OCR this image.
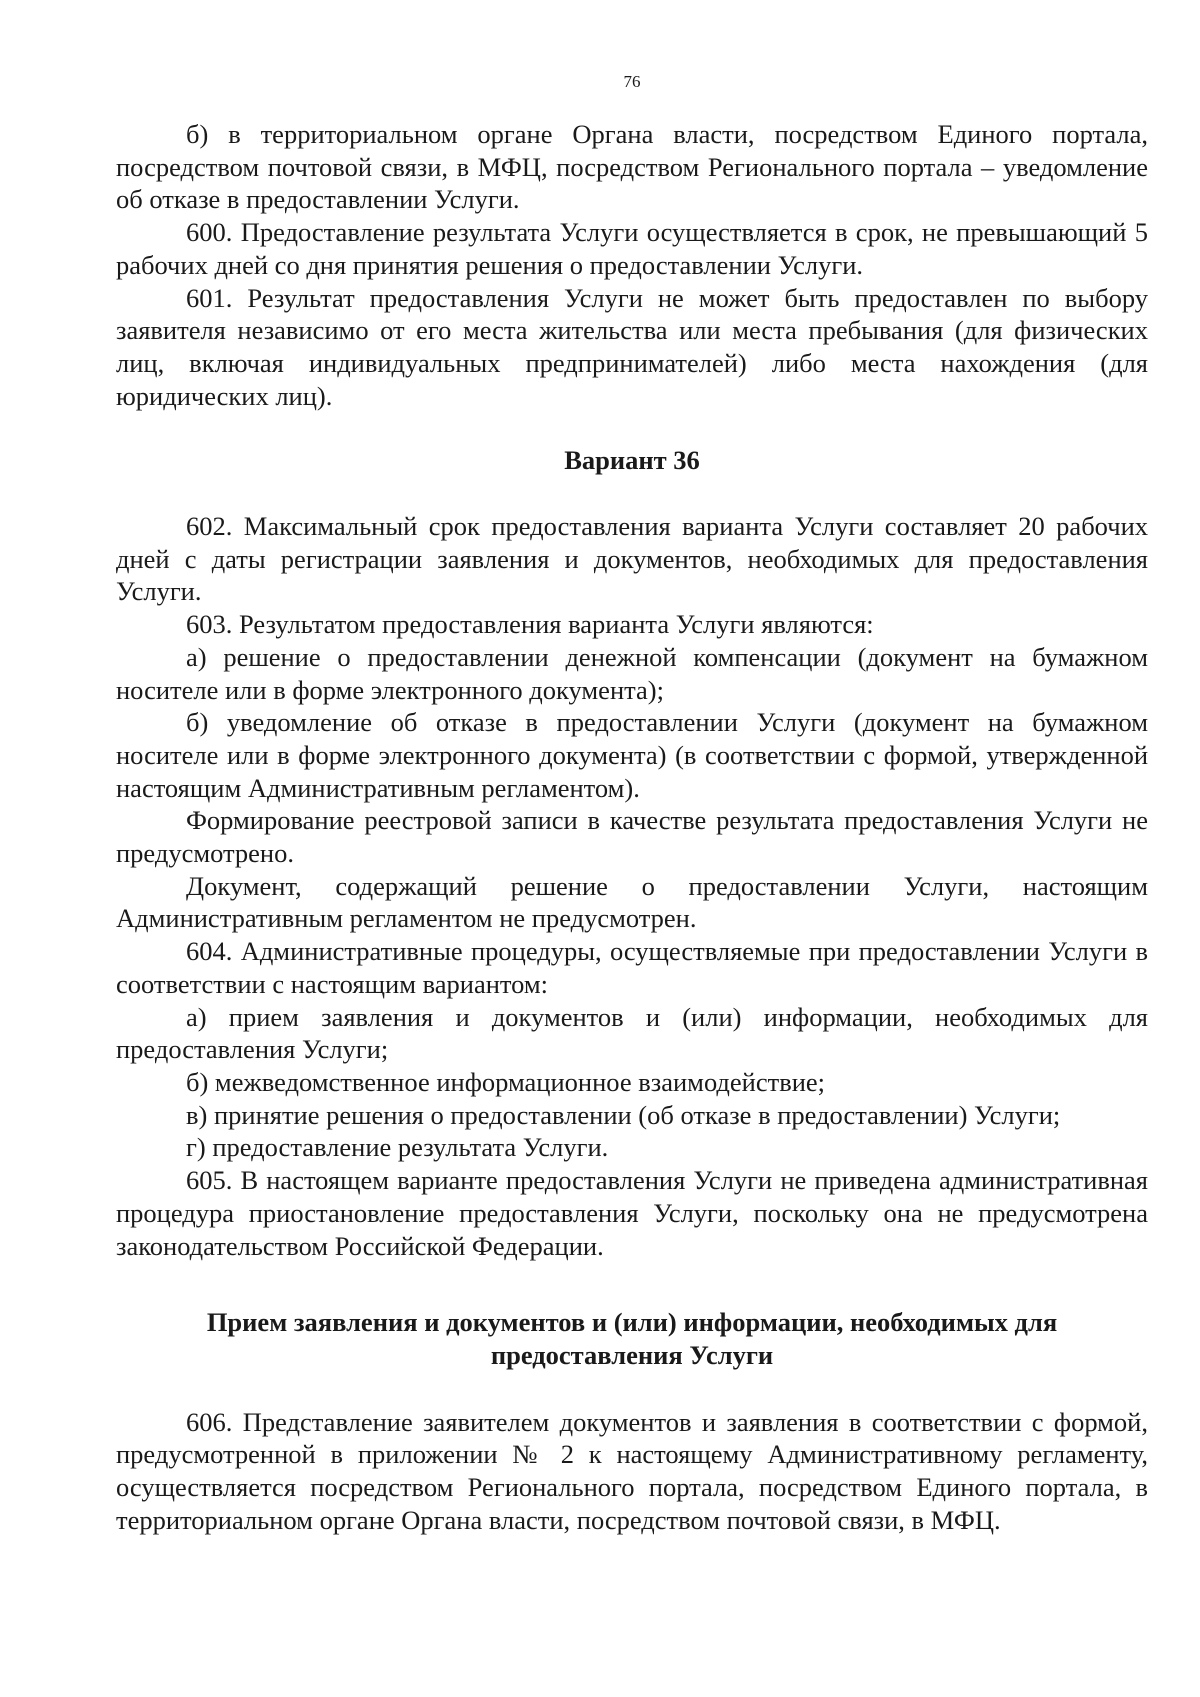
76

б) в территориальном органе Органа власти, посредством Единого портала, посредством почтовой связи, в МФЦ, посредством Регионального портала – уведомление об отказе в предоставлении Услуги.

600. Предоставление результата Услуги осуществляется в срок, не превышающий 5 рабочих дней со дня принятия решения о предоставлении Услуги.

601. Результат предоставления Услуги не может быть предоставлен по выбору заявителя независимо от его места жительства или места пребывания (для физических лиц, включая индивидуальных предпринимателей) либо места нахождения (для юридических лиц).

Вариант 36

602. Максимальный срок предоставления варианта Услуги составляет 20 рабочих дней с даты регистрации заявления и документов, необходимых для предоставления Услуги.

603. Результатом предоставления варианта Услуги являются:

а) решение о предоставлении денежной компенсации (документ на бумажном носителе или в форме электронного документа);

б) уведомление об отказе в предоставлении Услуги (документ на бумажном носителе или в форме электронного документа) (в соответствии с формой, утвержденной настоящим Административным регламентом).

Формирование реестровой записи в качестве результата предоставления Услуги не предусмотрено.

Документ, содержащий решение о предоставлении Услуги, настоящим Административным регламентом не предусмотрен.

604. Административные процедуры, осуществляемые при предоставлении Услуги в соответствии с настоящим вариантом:

а) прием заявления и документов и (или) информации, необходимых для предоставления Услуги;

б) межведомственное информационное взаимодействие;

в) принятие решения о предоставлении (об отказе в предоставлении) Услуги;

г) предоставление результата Услуги.

605. В настоящем варианте предоставления Услуги не приведена административная процедура приостановление предоставления Услуги, поскольку она не предусмотрена законодательством Российской Федерации.

Прием заявления и документов и (или) информации, необходимых для
предоставления Услуги

606. Представление заявителем документов и заявления в соответствии с формой, предусмотренной в приложении № 2 к настоящему Административному регламенту, осуществляется посредством Регионального портала, посредством Единого портала, в территориальном органе Органа власти, посредством почтовой связи, в МФЦ.
